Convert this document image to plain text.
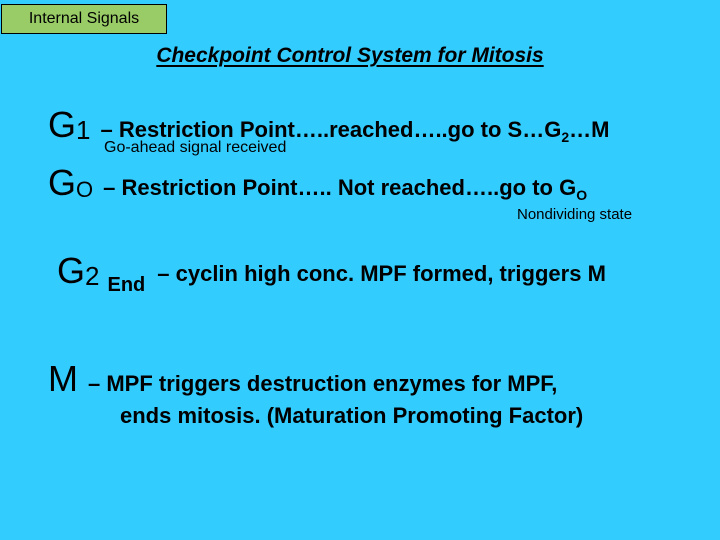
Internal Signals
Checkpoint Control System for Mitosis
G 1 – Restriction Point…..reached…..go to S…G 2 …M
Go-ahead signal received
G O – Restriction Point….. Not reached…..go to G O
Nondividing state
G 2 End – cyclin high conc. MPF formed, triggers M
M – MPF triggers destruction enzymes for MPF,
ends mitosis. (Maturation Promoting Factor)
